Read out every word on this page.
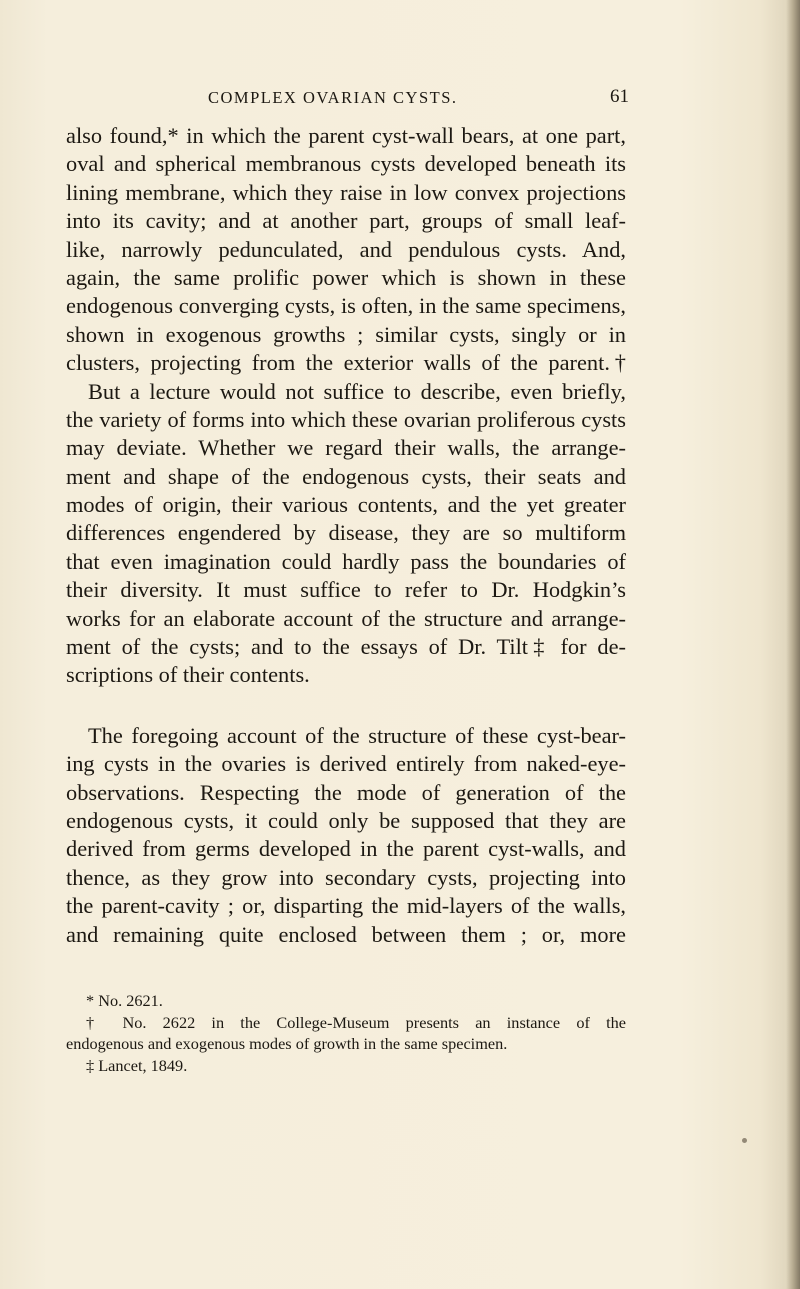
COMPLEX OVARIAN CYSTS.	61
also found,* in which the parent cyst-wall bears, at one part,
oval and spherical membranous cysts developed beneath its
lining membrane, which they raise in low convex projections
into its cavity; and at another part, groups of small leaf-
like, narrowly pedunculated, and pendulous cysts. And,
again, the same prolific power which is shown in these
endogenous converging cysts, is often, in the same specimens,
shown in exogenous growths ; similar cysts, singly or in
clusters, projecting from the exterior walls of the parent.†
But a lecture would not suffice to describe, even briefly,
the variety of forms into which these ovarian proliferous cysts
may deviate. Whether we regard their walls, the arrange-
ment and shape of the endogenous cysts, their seats and
modes of origin, their various contents, and the yet greater
differences engendered by disease, they are so multiform
that even imagination could hardly pass the boundaries of
their diversity. It must suffice to refer to Dr. Hodgkin’s
works for an elaborate account of the structure and arrange-
ment of the cysts; and to the essays of Dr. Tilt‡ for de-
scriptions of their contents.
The foregoing account of the structure of these cyst-bear-
ing cysts in the ovaries is derived entirely from naked-eye-
observations. Respecting the mode of generation of the
endogenous cysts, it could only be supposed that they are
derived from germs developed in the parent cyst-walls, and
thence, as they grow into secondary cysts, projecting into
the parent-cavity ; or, disparting the mid-layers of the walls,
and remaining quite enclosed between them ; or, more
* No. 2621.
† No. 2622 in the College-Museum presents an instance of the
endogenous and exogenous modes of growth in the same specimen.
‡ Lancet, 1849.
